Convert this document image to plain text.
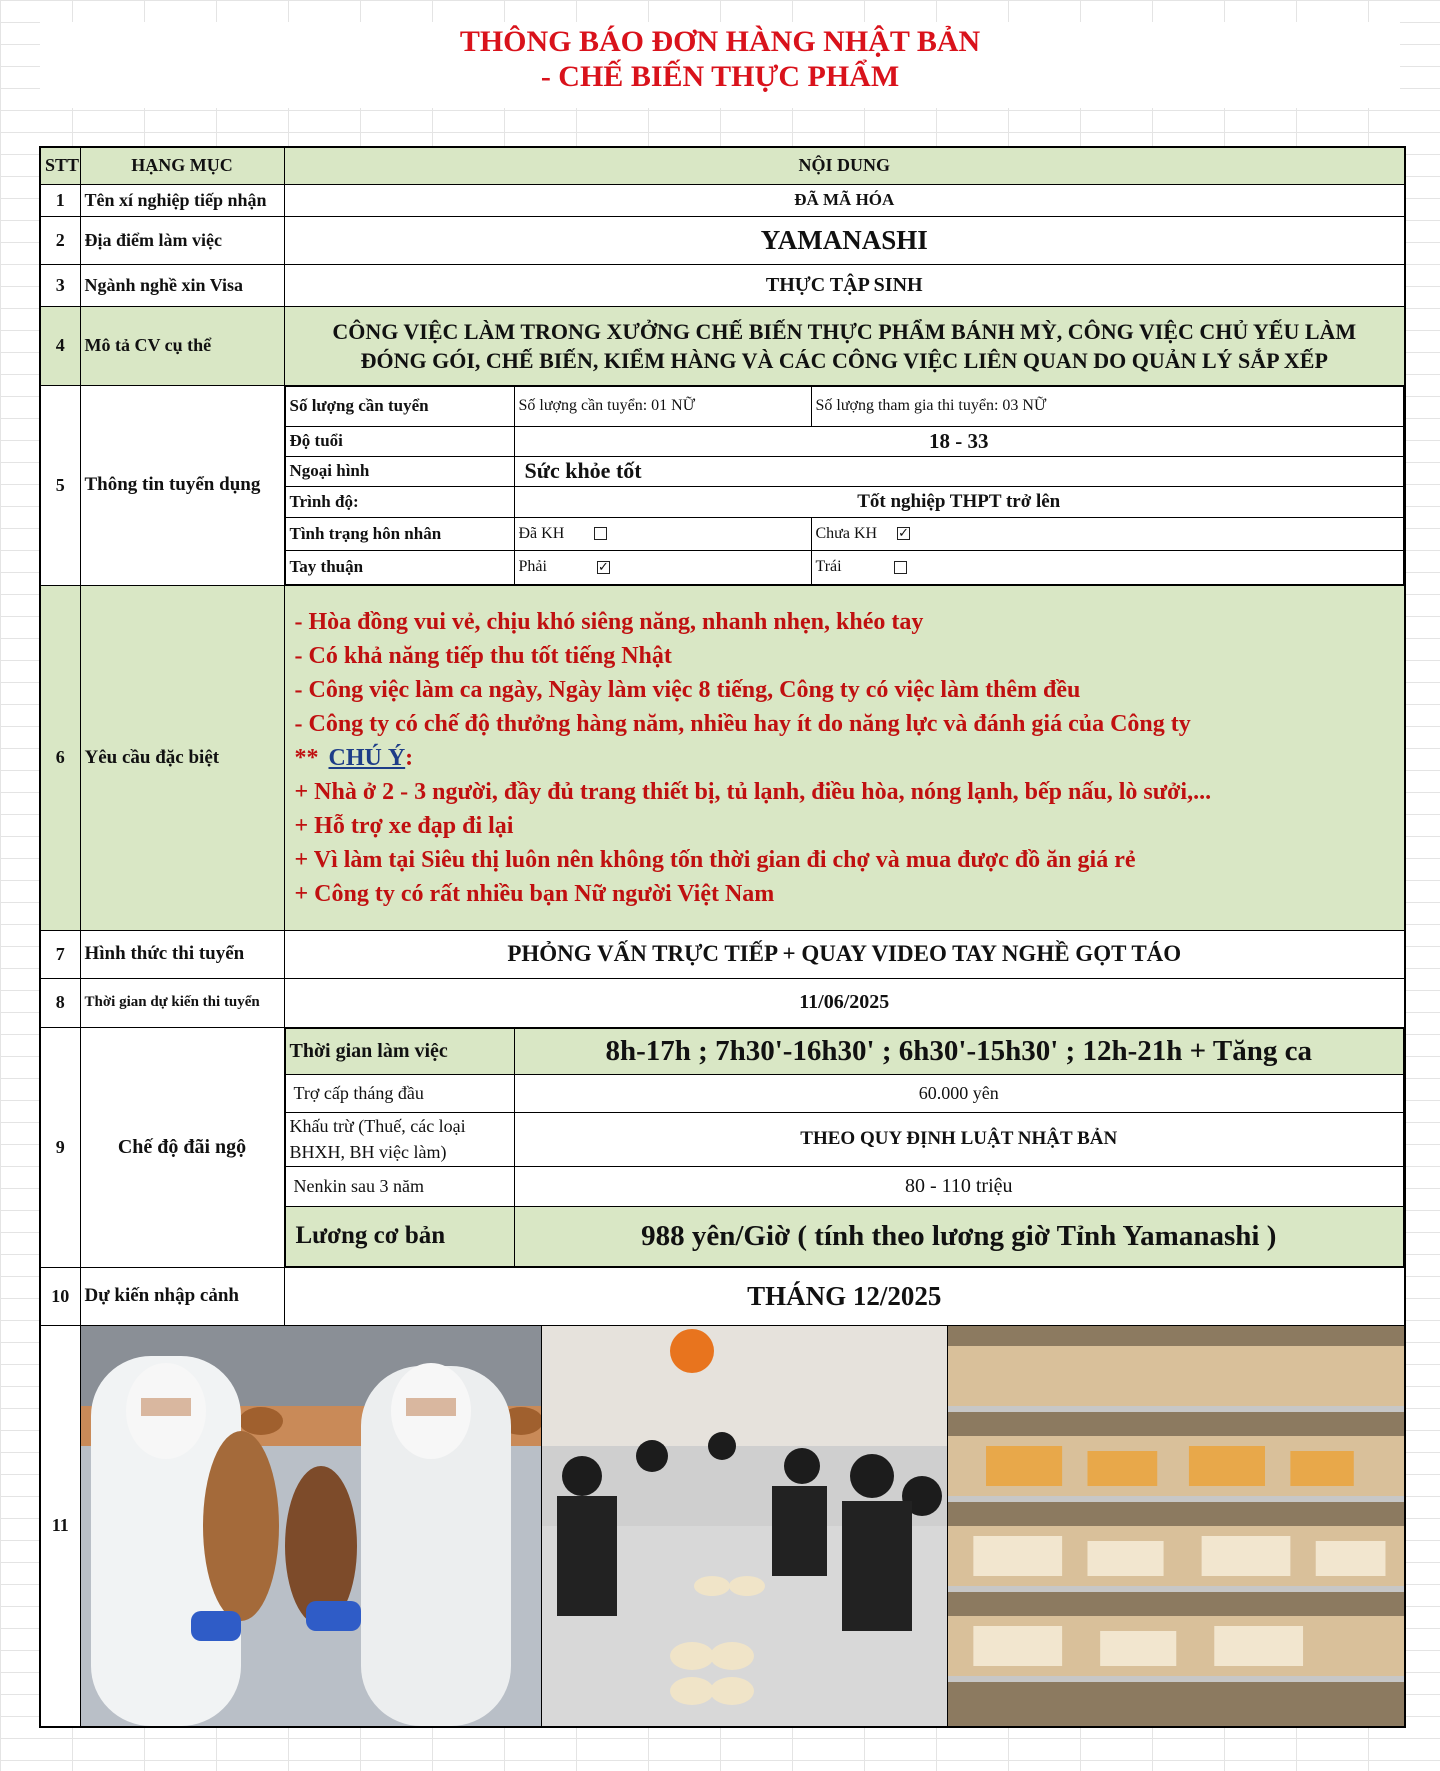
THÔNG BÁO ĐƠN HÀNG NHẬT BẢN
- CHẾ BIẾN THỰC PHẨM
STT	HẠNG MỤC	NỘI DUNG
1	Tên xí nghiệp tiếp nhận	ĐÃ MÃ HÓA
2	Địa điểm làm việc	YAMANASHI
3	Ngành nghề xin Visa	THỰC TẬP SINH
4	Mô tả CV cụ thể	CÔNG VIỆC LÀM TRONG XƯỞNG CHẾ BIẾN THỰC PHẨM BÁNH MỲ, CÔNG VIỆC CHỦ YẾU LÀM ĐÓNG GÓI, CHẾ BIẾN, KIỂM HÀNG VÀ CÁC CÔNG VIỆC LIÊN QUAN DO QUẢN LÝ SẮP XẾP
5	Thông tin tuyển dụng	
Số lượng cần tuyển	Số lượng cần tuyển: 01 NỮ	Số lượng tham gia thi tuyển: 03 NỮ
Độ tuổi	18 - 33
Ngoại hình	Sức khỏe tốt
Trình độ:	Tốt nghiệp THPT trở lên
Tình trạng hôn nhân	Đã KH	Chưa KH ✓
Tay thuận	Phải	✓	Trái

6	Yêu cầu đặc biệt	
- Hòa đồng vui vẻ, chịu khó siêng năng, nhanh nhẹn, khéo tay
- Có khả năng tiếp thu tốt tiếng Nhật
- Công việc làm ca ngày, Ngày làm việc 8 tiếng, Công ty có việc làm thêm đều
- Công ty có chế độ thưởng hàng năm, nhiều hay ít do năng lực và đánh giá của Công ty
** CHÚ Ý:
+ Nhà ở 2 - 3 người, đầy đủ trang thiết bị, tủ lạnh, điều hòa, nóng lạnh, bếp nấu, lò sưởi,...
+ Hỗ trợ xe đạp đi lại
+ Vì làm tại Siêu thị luôn nên không tốn thời gian đi chợ và mua được đồ ăn giá rẻ
+ Công ty có rất nhiều bạn Nữ người Việt Nam

7	Hình thức thi tuyển	PHỎNG VẤN TRỰC TIẾP + QUAY VIDEO TAY NGHỀ GỌT TÁO
8	Thời gian dự kiến thi tuyển	11/06/2025
9	Chế độ đãi ngộ	
Thời gian làm việc	8h-17h ; 7h30'-16h30' ; 6h30'-15h30' ; 12h-21h + Tăng ca
Trợ cấp tháng đầu	60.000 yên
Khấu trừ (Thuế, các loại BHXH, BH việc làm)	THEO QUY ĐỊNH LUẬT NHẬT BẢN
Nenkin sau 3 năm	80 - 110 triệu
Lương cơ bản	988 yên/Giờ ( tính theo lương giờ Tỉnh Yamanashi )

10	Dự kiến nhập cảnh	THÁNG 12/2025
11	
